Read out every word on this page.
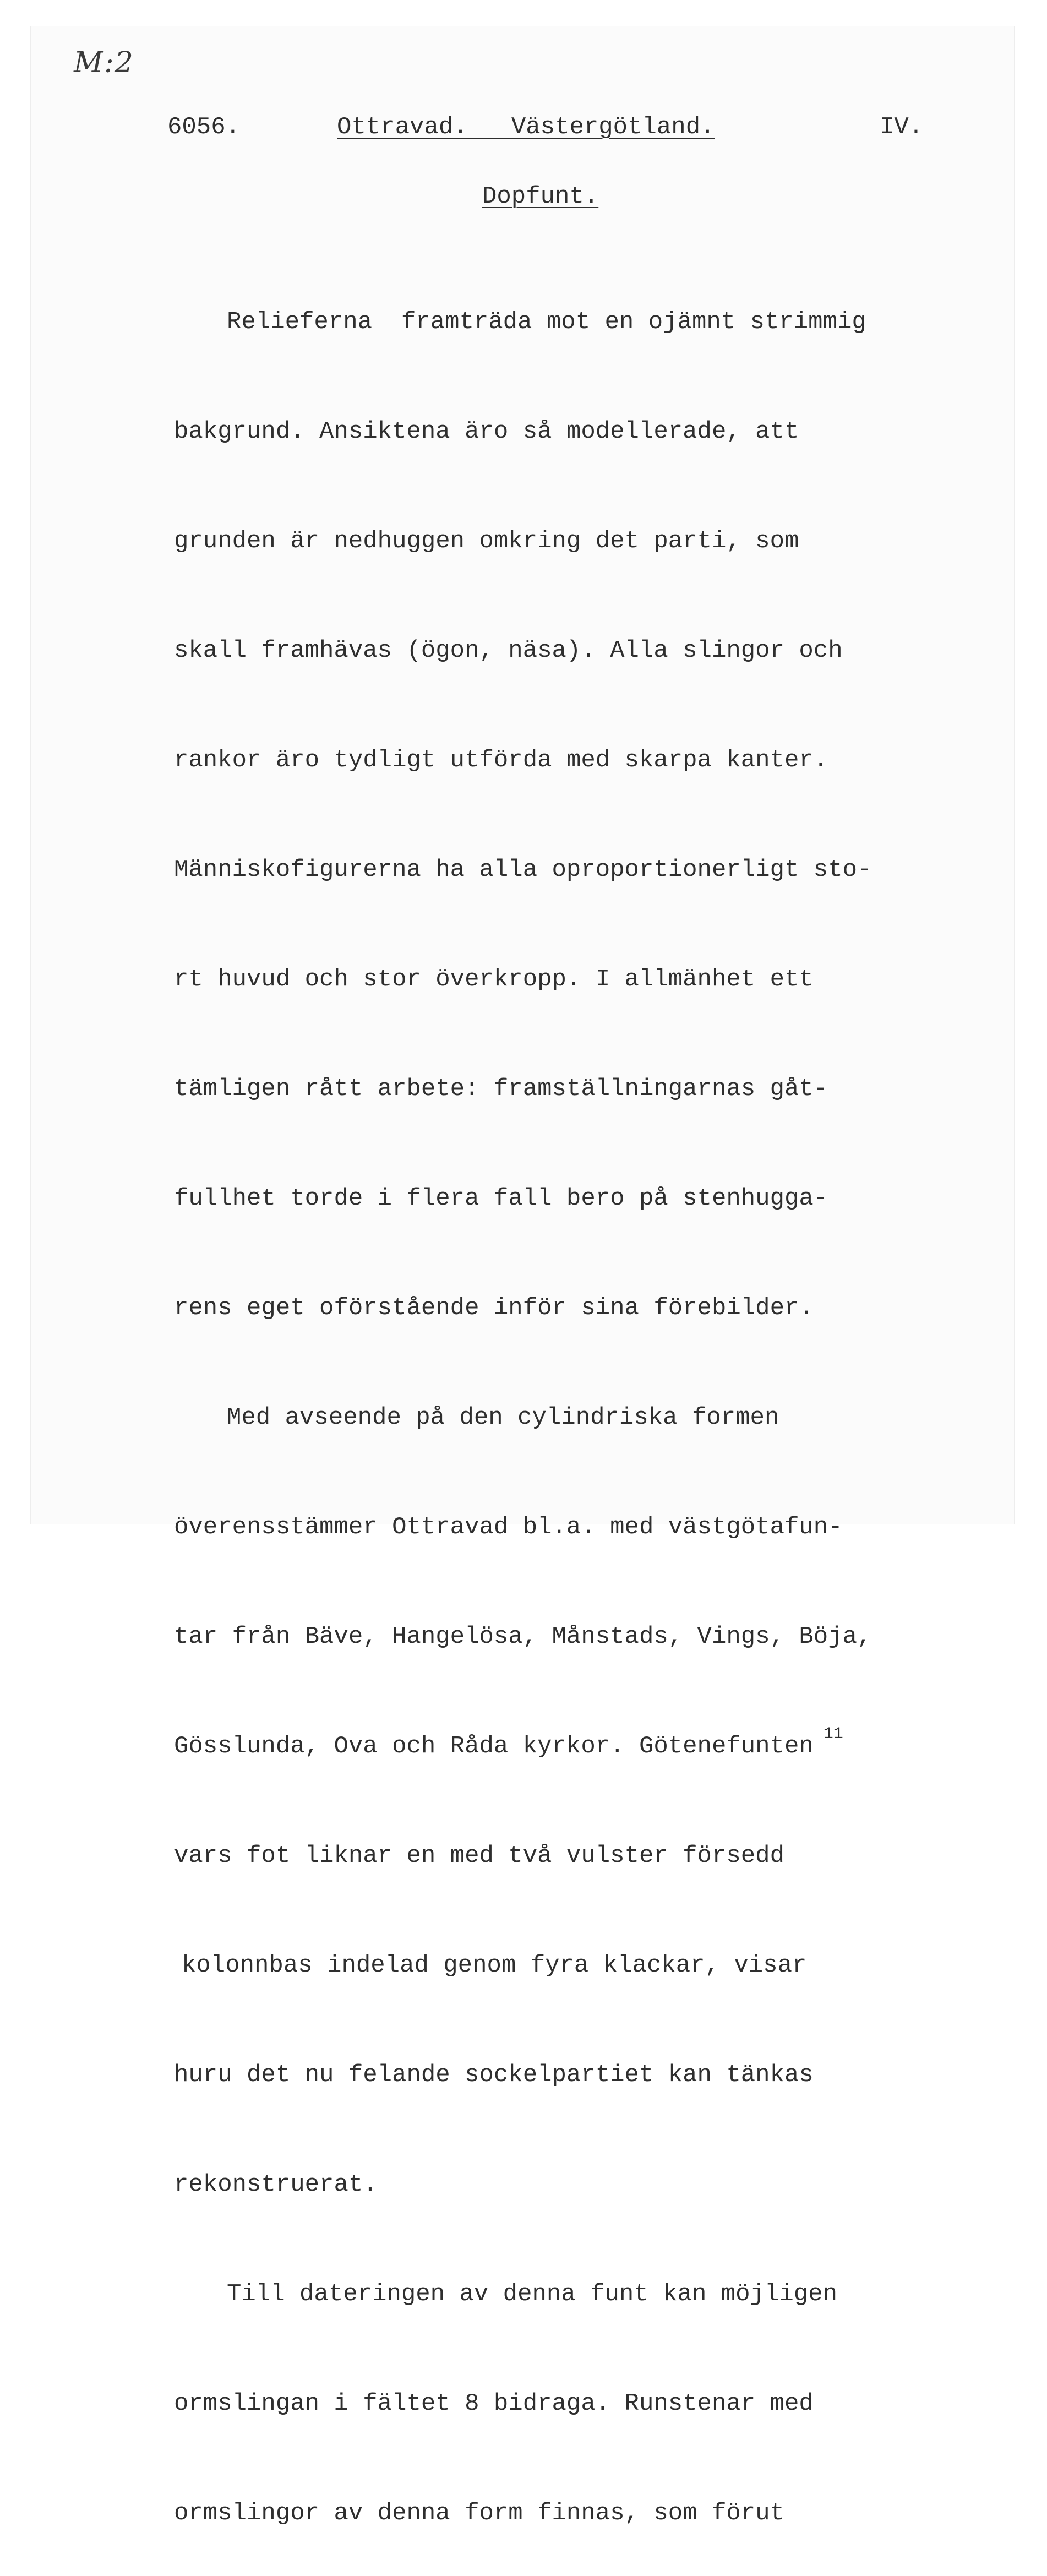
M:2
6056.	Ottravad.   Västergötland.	IV.
Dopfunt.

Relieferna  framträda mot en ojämnt strimmig

bakgrund. Ansiktena äro så modellerade, att

grunden är nedhuggen omkring det parti, som

skall framhävas (ögon, näsa). Alla slingor och

rankor äro tydligt utförda med skarpa kanter.

Människofigurerna ha alla oproportionerligt sto-

rt huvud och stor överkropp. I allmänhet ett

tämligen rått arbete: framställningarnas gåt-

fullhet torde i flera fall bero på stenhugga-

rens eget oförstående inför sina förebilder.

Med avseende på den cylindriska formen

överensstämmer Ottravad bl.a. med västgötafun-

tar från Bäve, Hangelösa, Månstads, Vings, Böja,

Gösslunda, Ova och Råda kyrkor. Götenefunten $^{11}$

vars fot liknar en med två vulster försedd

kolonnbas indelad genom fyra klackar, visar

huru det nu felande sockelpartiet kan tänkas

rekonstruerat.

Till dateringen av denna funt kan möjligen

ormslingan i fältet 8 bidraga. Runstenar med

ormslingor av denna form finnas, som förut
